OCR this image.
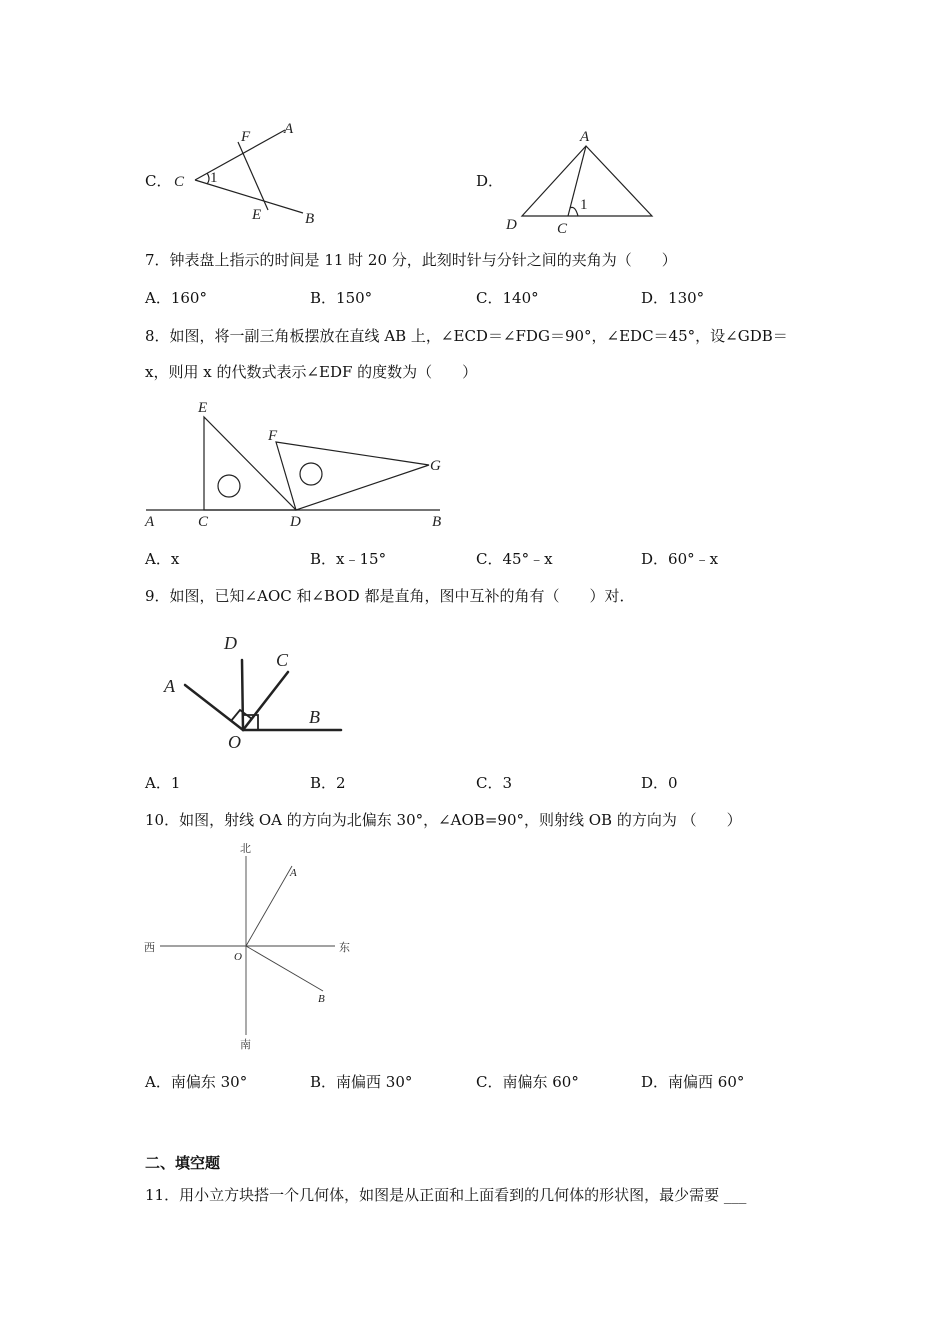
C．
F A
C 1
E	B
D．
A
D	C
1
7．钟表盘上指示的时间是 11 时 20 分，此刻时针与分针之间的夹角为（　　）
A．160°	B．150°	C．140°	D．130°
8．如图，将一副三角板摆放在直线 AB 上，∠ECD＝∠FDG＝90°，∠EDC＝45°，设∠GDB＝
x，则用 x 的代数式表示∠EDF 的度数为（　　）
E
F
G
A	C	D	B
A．x	B．x﹣15°	C．45°﹣x	D．60°﹣x
9．如图，已知∠AOC 和∠BOD 都是直角，图中互补的角有（　　）对．
D
C
A
B
O
A．1	B．2	C．3	D．0
10．如图，射线 OA 的方向为北偏东 30°，∠AOB=90°，则射线 OB 的方向为 （　　）
北
南
西	东
A
B
O
A．南偏东 30°	B．南偏西 30°	C．南偏东 60°	D．南偏西 60°
二、填空题
11．用小立方块搭一个几何体，如图是从正面和上面看到的几何体的形状图，最少需要 ___
